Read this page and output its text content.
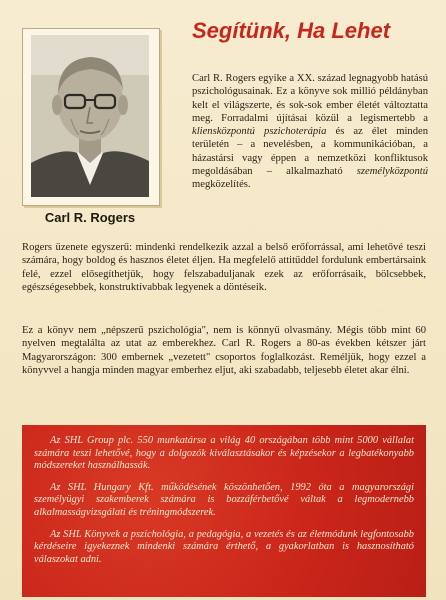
Carl R. Rogers
Segítünk, Ha Lehet
Carl R. Rogers egyike a XX. század legnagyobb hatású pszichológusainak. Ez a könyve sok millió példányban kelt el világszerte, és sok-sok ember életét változtatta meg. Forradalmi újításai közül a legismertebb a kliensközpontú pszichoterápia és az élet minden területén – a nevelésben, a kommunikációban, a házastársi vagy éppen a nemzetközi konfliktusok megoldásában – alkalmazható személyközpontú megközelítés.
Rogers üzenete egyszerű: mindenki rendelkezik azzal a belső erőforrással, ami lehetővé teszi számára, hogy boldog és hasznos életet éljen. Ha megfelelő attitűddel fordulunk embertársaink felé, ezzel elősegíthetjük, hogy felszabaduljanak ezek az erőforrásaik, bölcsebbek, egészségesebbek, konstruktívabbak legyenek a döntéseik.
Ez a könyv nem „népszerű pszichológia", nem is könnyű olvasmány. Mégis több mint 60 nyelven megtalálta az utat az emberekhez. Carl R. Rogers a 80-as években kétszer járt Magyarországon: 300 embernek „vezetett" csoportos foglalkozást. Reméljük, hogy ezzel a könyvvel a hangja minden magyar emberhez eljut, aki szabadabb, teljesebb életet akar élni.

Az SHL Group plc. 550 munkatársa a világ 40 országában több mint 5000 vállalat számára teszi lehetővé, hogy a dolgozók kiválasztásakor és képzésekor a legbatékonyabb módszereket használhassák.

Az SHL Hungary Kft. működésének köszönhetően, 1992 óta a magyarországi személyügyi szakemberek számára is bozzáférbetővé váltak a legmodernebb alkalmasságvizsgálati és tréningmódszerek.

Az SHL Könyvek a pszichológia, a pedagógia, a vezetés és az életmódunk legfontosabb kérdéseire igyekeznek mindenki számára érthető, a gyakorlatban is hasznosítható válaszokat adni.
